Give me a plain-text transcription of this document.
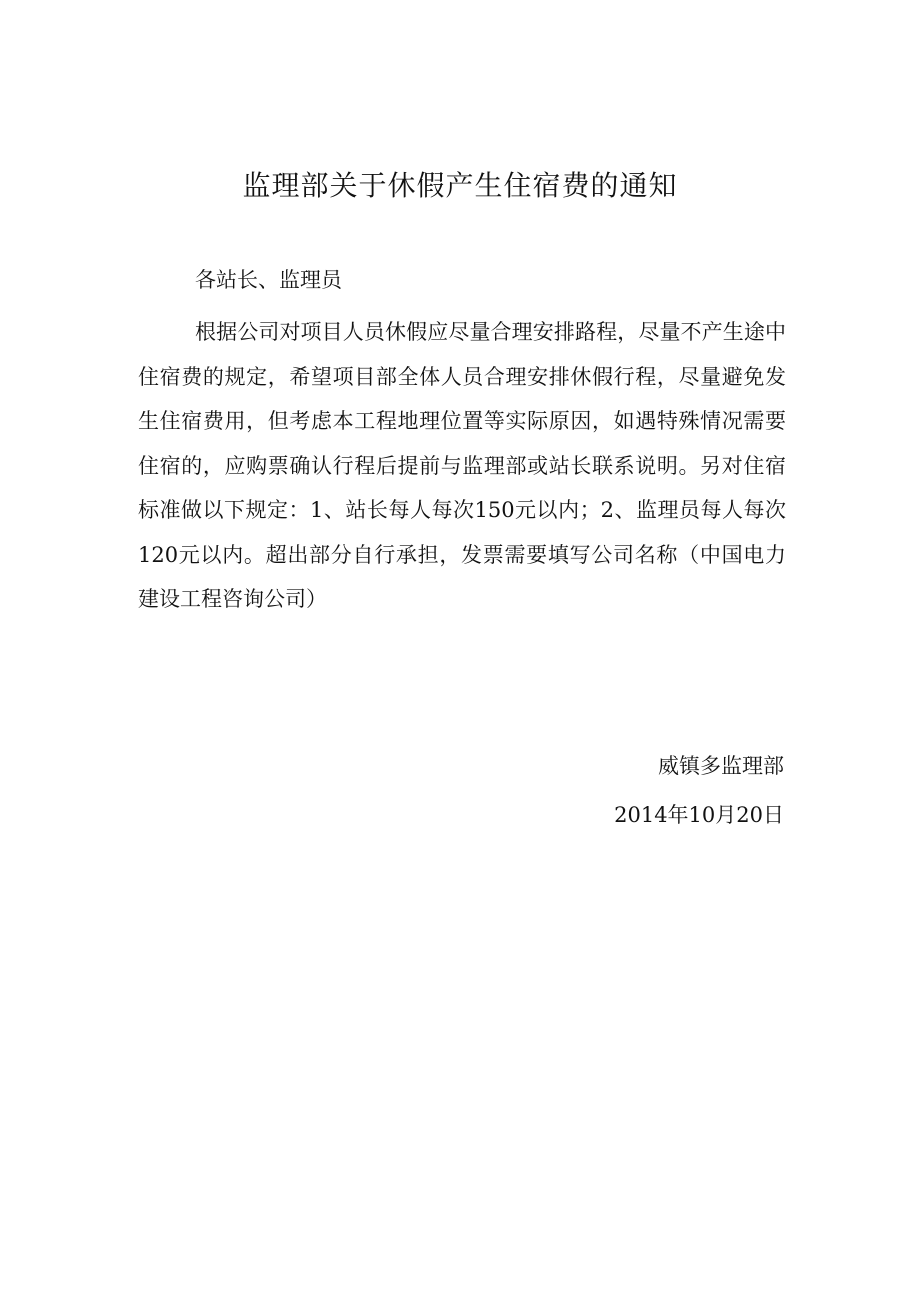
监理部关于休假产生住宿费的通知

各站长、监理员

根据公司对项目人员休假应尽量合理安排路程，尽量不产生途中住宿费的规定，希望项目部全体人员合理安排休假行程，尽量避免发生住宿费用，但考虑本工程地理位置等实际原因，如遇特殊情况需要住宿的，应购票确认行程后提前与监理部或站长联系说明。另对住宿标准做以下规定：1、站长每人每次150元以内；2、监理员每人每次120元以内。超出部分自行承担，发票需要填写公司名称（中国电力建设工程咨询公司）

威镇多监理部

2014年10月20日
